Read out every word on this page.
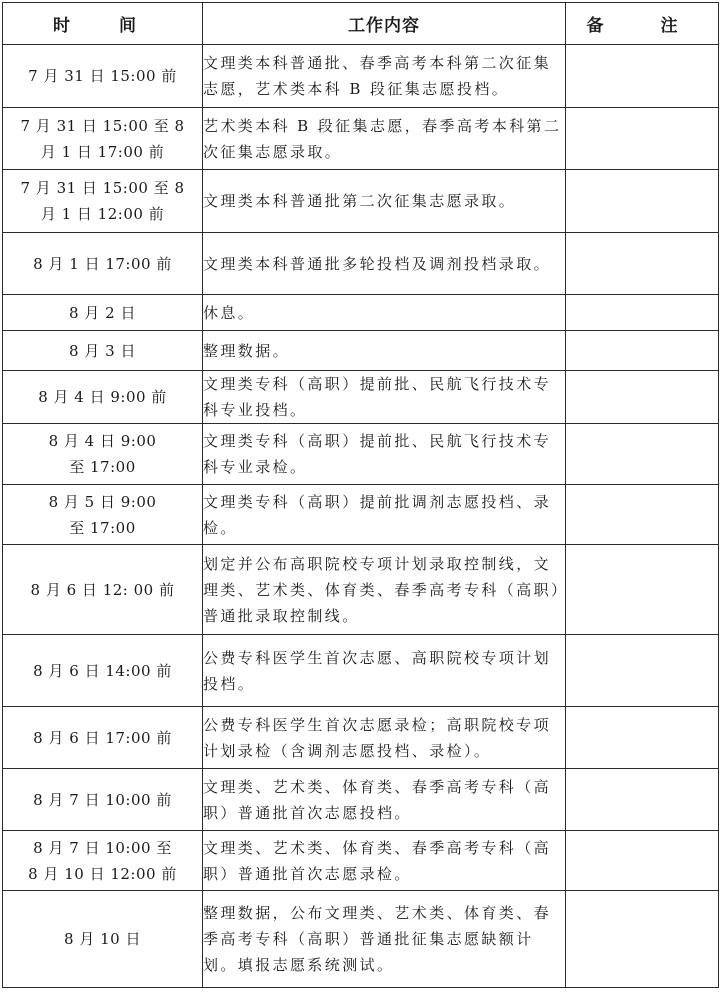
时　间	工作内容	备　注

7 月 31 日 15:00 前	文理类本科普通批、春季高考本科第二次征集志愿，艺术类本科 B 段征集志愿投档。	

7 月 31 日 15:00 至 8
月 1 日 17:00 前	艺术类本科 B 段征集志愿，春季高考本科第二次征集志愿录取。	

7 月 31 日 15:00 至 8
月 1 日 12:00 前	文理类本科普通批第二次征集志愿录取。	

8 月 1 日 17:00 前	文理类本科普通批多轮投档及调剂投档录取。	

8 月 2 日	休息。	

8 月 3 日	整理数据。	

8 月 4 日 9:00 前	文理类专科（高职）提前批、民航飞行技术专科专业投档。	

8 月 4 日 9:00
至 17:00	文理类专科（高职）提前批、民航飞行技术专科专业录检。	

8 月 5 日 9:00
至 17:00	文理类专科（高职）提前批调剂志愿投档、录检。	

8 月 6 日 12: 00 前	划定并公布高职院校专项计划录取控制线，文理类、艺术类、体育类、春季高考专科（高职）普通批录取控制线。	

8 月 6 日 14:00 前	公费专科医学生首次志愿、高职院校专项计划投档。	

8 月 6 日 17:00 前	公费专科医学生首次志愿录检；高职院校专项计划录检（含调剂志愿投档、录检）。	

8 月 7 日 10:00 前	文理类、艺术类、体育类、春季高考专科（高职）普通批首次志愿投档。	

8 月 7 日 10:00 至
8 月 10 日 12:00 前	文理类、艺术类、体育类、春季高考专科（高职）普通批首次志愿录检。	

8 月 10 日	整理数据，公布文理类、艺术类、体育类、春季高考专科（高职）普通批征集志愿缺额计划。填报志愿系统测试。	
